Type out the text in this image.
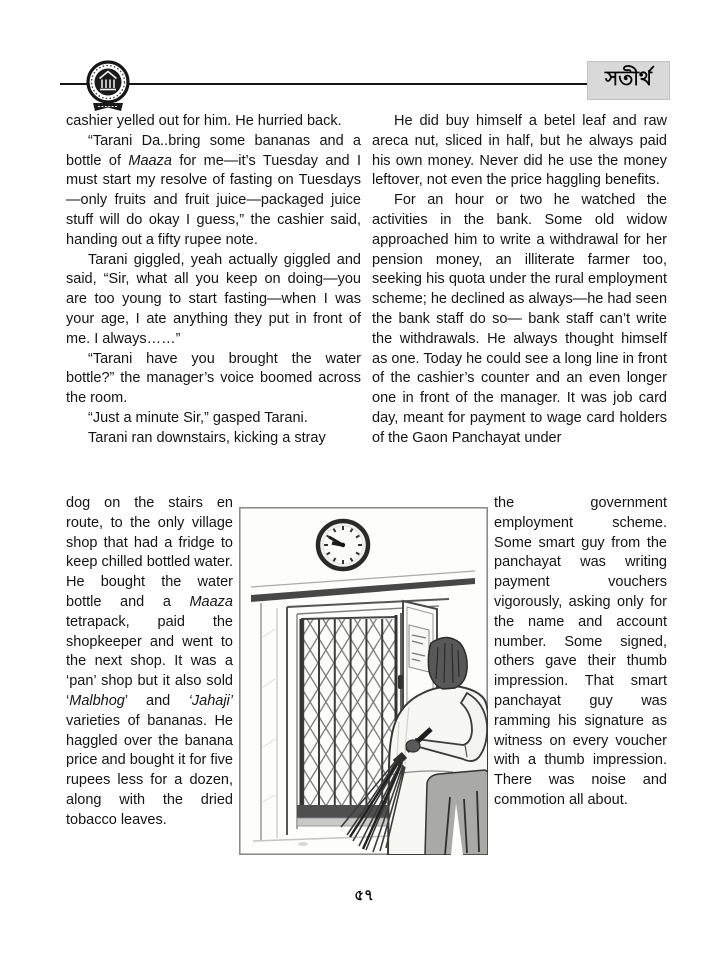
সতীৰ্থ

cashier yelled out for him. He hurried back.

“Tarani Da..bring some bananas and a bottle of Maaza for me—it’s Tuesday and I must start my resolve of fasting on Tuesdays—only fruits and fruit juice—packaged juice stuff will do okay I guess,” the cashier said, handing out a fifty rupee note.

Tarani giggled, yeah actually giggled and said, “Sir, what all you keep on doing—you are too young to start fasting—when I was your age, I ate anything they put in front of me. I always……”

“Tarani have you brought the water bottle?” the manager’s voice boomed across the room.

“Just a minute Sir,” gasped Tarani.

Tarani ran downstairs, kicking a stray

He did buy himself a betel leaf and raw areca nut, sliced in half, but he always paid his own money. Never did he use the money leftover, not even the price haggling benefits.

For an hour or two he watched the activities in the bank. Some old widow approached him to write a withdrawal for her pension money, an illiterate farmer too, seeking his quota under the rural employment scheme; he declined as always—he had seen the bank staff do so— bank staff can’t write the withdrawals. He always thought himself as one. Today he could see a long line in front of the cashier’s counter and an even longer one in front of the manager. It was job card day, meant for payment to wage card holders of the Gaon Panchayat under

dog on the stairs en route, to the only village shop that had a fridge to keep chilled bottled water. He bought the water bottle and a Maaza tetrapack, paid the shopkeeper and went to the next shop. It was a ‘pan’ shop but it also sold ‘Malbhog’ and ‘Jahaji’ varieties of bananas. He haggled over the banana price and bought it for five rupees less for a dozen, along with the dried tobacco leaves.

the government employment scheme. Some smart guy from the panchayat was writing payment vouchers vigorously, asking only for the name and account number. Some signed, others gave their thumb impression. That smart panchayat guy was ramming his signature as witness on every voucher with a thumb impression. There was noise and commotion all about.

৫৭
